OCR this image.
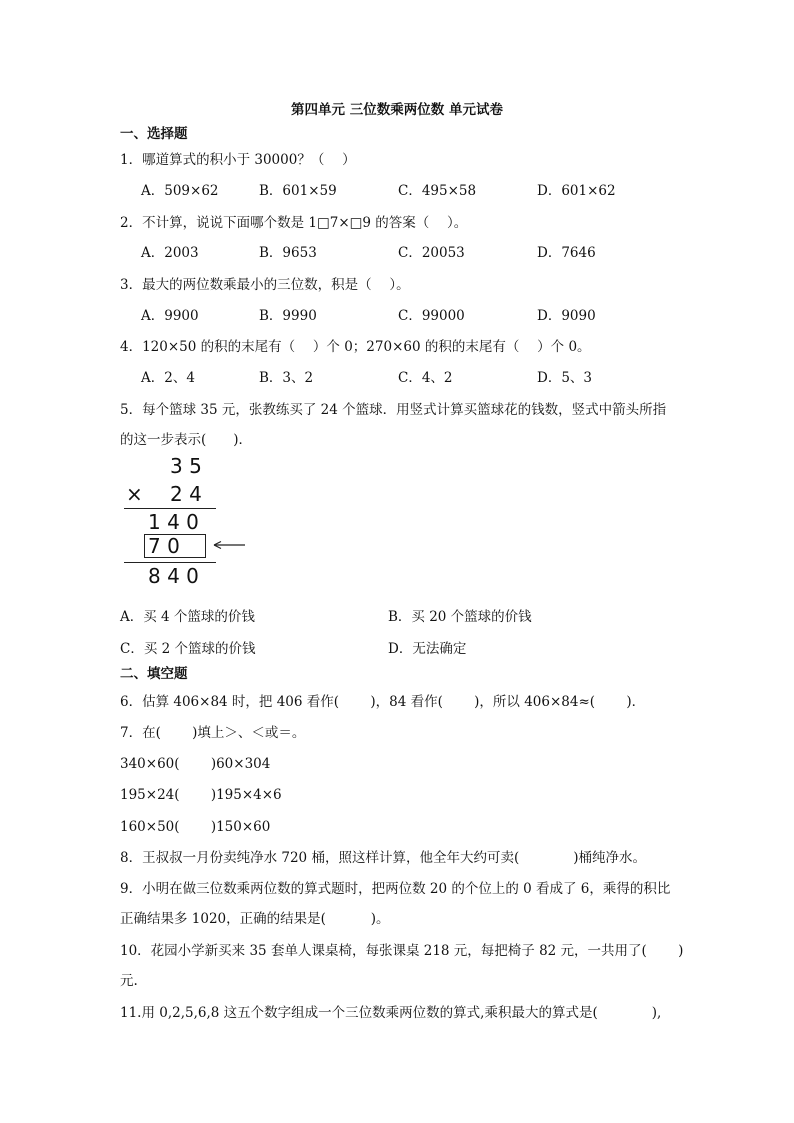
第四单元 三位数乘两位数 单元试卷
一、选择题
1．哪道算式的积小于 30000？（　 ）
A．509×62	B．601×59	C．495×58	D．601×62
2．不计算，说说下面哪个数是 1□7×□9 的答案（　 ）。
A．2003	B．9653	C．20053	D．7646
3．最大的两位数乘最小的三位数，积是（　 ）。
A．9900	B．9990	C．99000	D．9090
4．120×50 的积的末尾有（　 ）个 0；270×60 的积的末尾有（　 ）个 0。
A．2、4	B．3、2	C．4、2	D．5、3
5．每个篮球 35 元，张教练买了 24 个篮球．用竖式计算买篮球花的钱数，竖式中箭头所指
的这一步表示(　　)．
3 5
× 2 4
1 4 0
7 0
8 4 0
A．买 4 个篮球的价钱	B．买 20 个篮球的价钱
C．买 2 个篮球的价钱	D．无法确定
二、填空题
6．估算 406×84 时，把 406 看作(　　 )，84 看作(　　 )，所以 406×84≈(　　 )．
7．在(　　 )填上＞、＜或＝。
340×60(　　 )60×304
195×24(　　 )195×4×6
160×50(　　 )150×60
8．王叔叔一月份卖纯净水 720 桶，照这样计算，他全年大约可卖(　　　　)桶纯净水。
9．小明在做三位数乘两位数的算式题时，把两位数 20 的个位上的 0 看成了 6，乘得的积比
正确结果多 1020，正确的结果是(　　　 )。
10．花园小学新买来 35 套单人课桌椅，每张课桌 218 元，每把椅子 82 元，一共用了(　　 )
元.
11.用 0,2,5,6,8 这五个数字组成一个三位数乘两位数的算式,乘积最大的算式是(　　　　),
